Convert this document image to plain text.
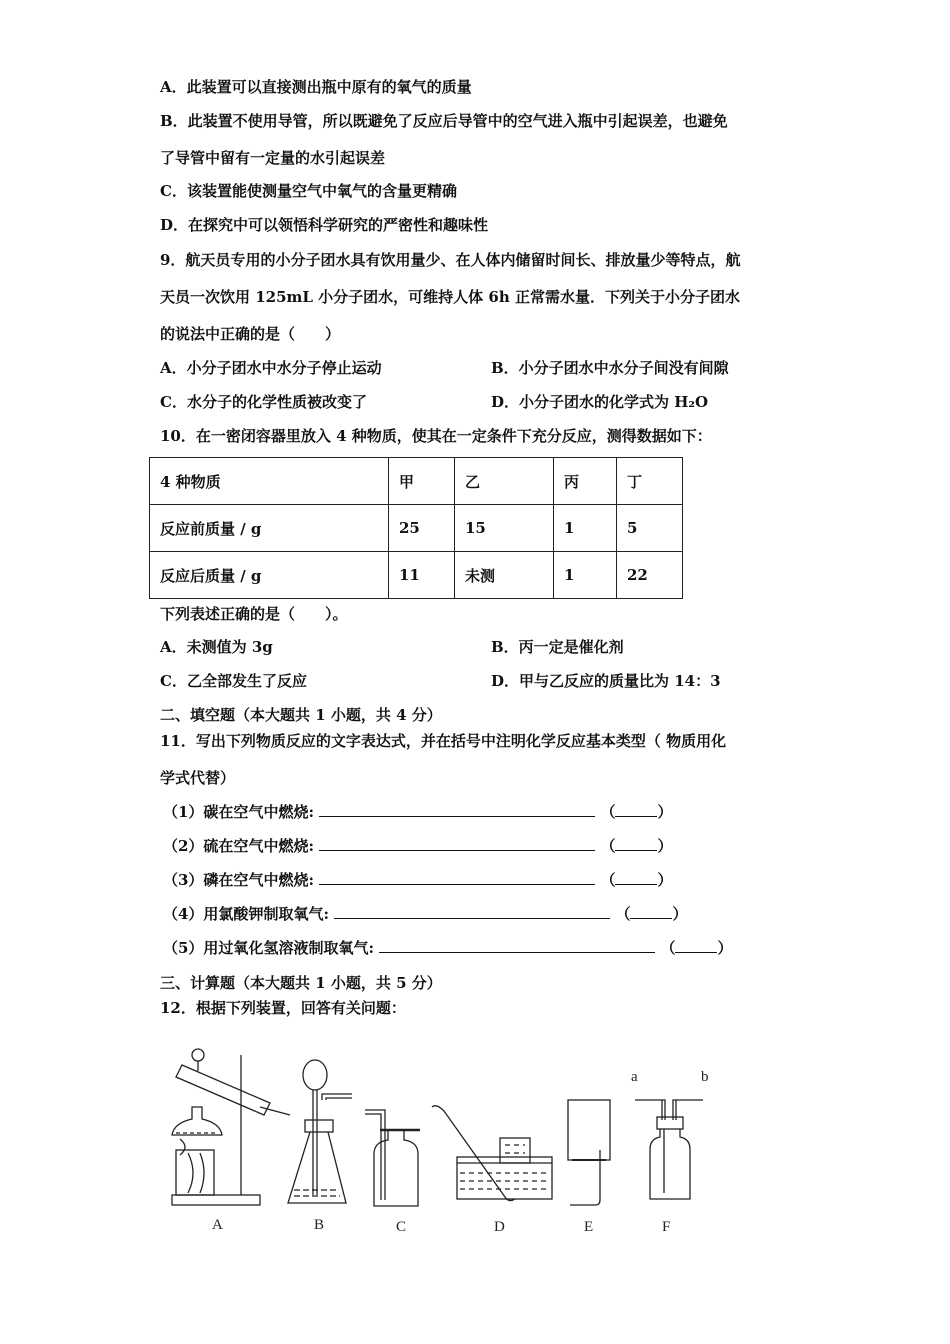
A．此装置可以直接测出瓶中原有的氧气的质量
B．此装置不使用导管，所以既避免了反应后导管中的空气进入瓶中引起误差，也避免
了导管中留有一定量的水引起误差
C．该装置能使测量空气中氧气的含量更精确
D．在探究中可以领悟科学研究的严密性和趣味性
9．航天员专用的小分子团水具有饮用量少、在人体内储留时间长、排放量少等特点，航
天员一次饮用 125mL 小分子团水，可维持人体 6h 正常需水量．下列关于小分子团水
的说法中正确的是（　　）
A．小分子团水中水分子停止运动	B．小分子团水中水分子间没有间隙
C．水分子的化学性质被改变了	D．小分子团水的化学式为 H₂O
10．在一密闭容器里放入 4 种物质，使其在一定条件下充分反应，测得数据如下：
4 种物质	甲	乙	丙	丁
反应前质量 / g	25	15	1	5
反应后质量 / g	11	未测	1	22
下列表述正确的是（　　）。
A．未测值为 3g	B．丙一定是催化剂
C．乙全部发生了反应	D．甲与乙反应的质量比为 14：3
二、填空题（本大题共 1 小题，共 4 分）
11．写出下列物质反应的文字表达式，并在括号中注明化学反应基本类型（ 物质用化
学式代替）
（1）碳在空气中燃烧:	（	）
（2）硫在空气中燃烧:	（	）
（3）磷在空气中燃烧:	（	）
（4）用氯酸钾制取氧气:	（	）
（5）用过氧化氢溶液制取氧气:	（	）
三、计算题（本大题共 1 小题，共 5 分）
12．根据下列装置，回答有关问题：
A	B	C	D	E	F
a	b
